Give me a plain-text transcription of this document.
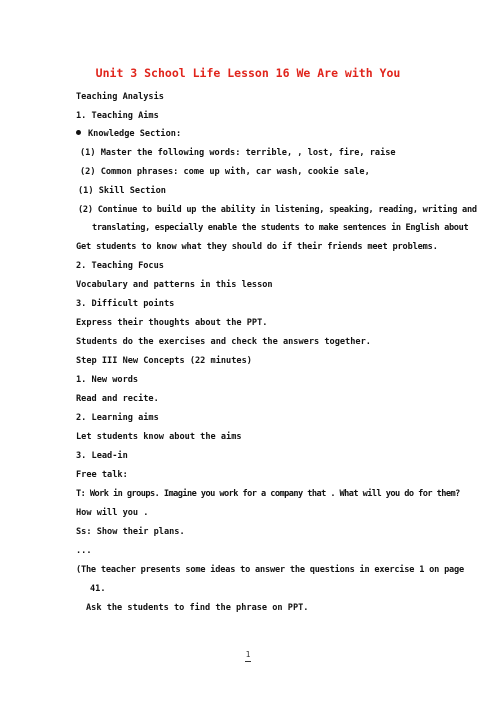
Unit 3 School Life Lesson 16 We Are with You
Teaching Analysis
1. Teaching Aims
Knowledge Section:
(1) Master the following words: terrible, , lost, fire, raise
(2) Common phrases: come up with, car wash, cookie sale,
(1) Skill Section
(2) Continue to build up the ability in listening, speaking, reading, writing and
translating, especially enable the students to make sentences in English about
Get students to know what they should do if their friends meet problems.
2. Teaching Focus
Vocabulary and patterns in this lesson
3. Difficult points
Express their thoughts about the PPT.
Students do the exercises and check the answers together.
Step III New Concepts (22 minutes)
1. New words
Read and recite.
2. Learning aims
Let students know about the aims
3. Lead-in
Free talk:
T: Work in groups. Imagine you work for a company that . What will you do for them?
How will you .
Ss: Show their plans.
...
(The teacher presents some ideas to answer the questions in exercise 1 on page
41.
Ask the students to find the phrase on PPT.
1
